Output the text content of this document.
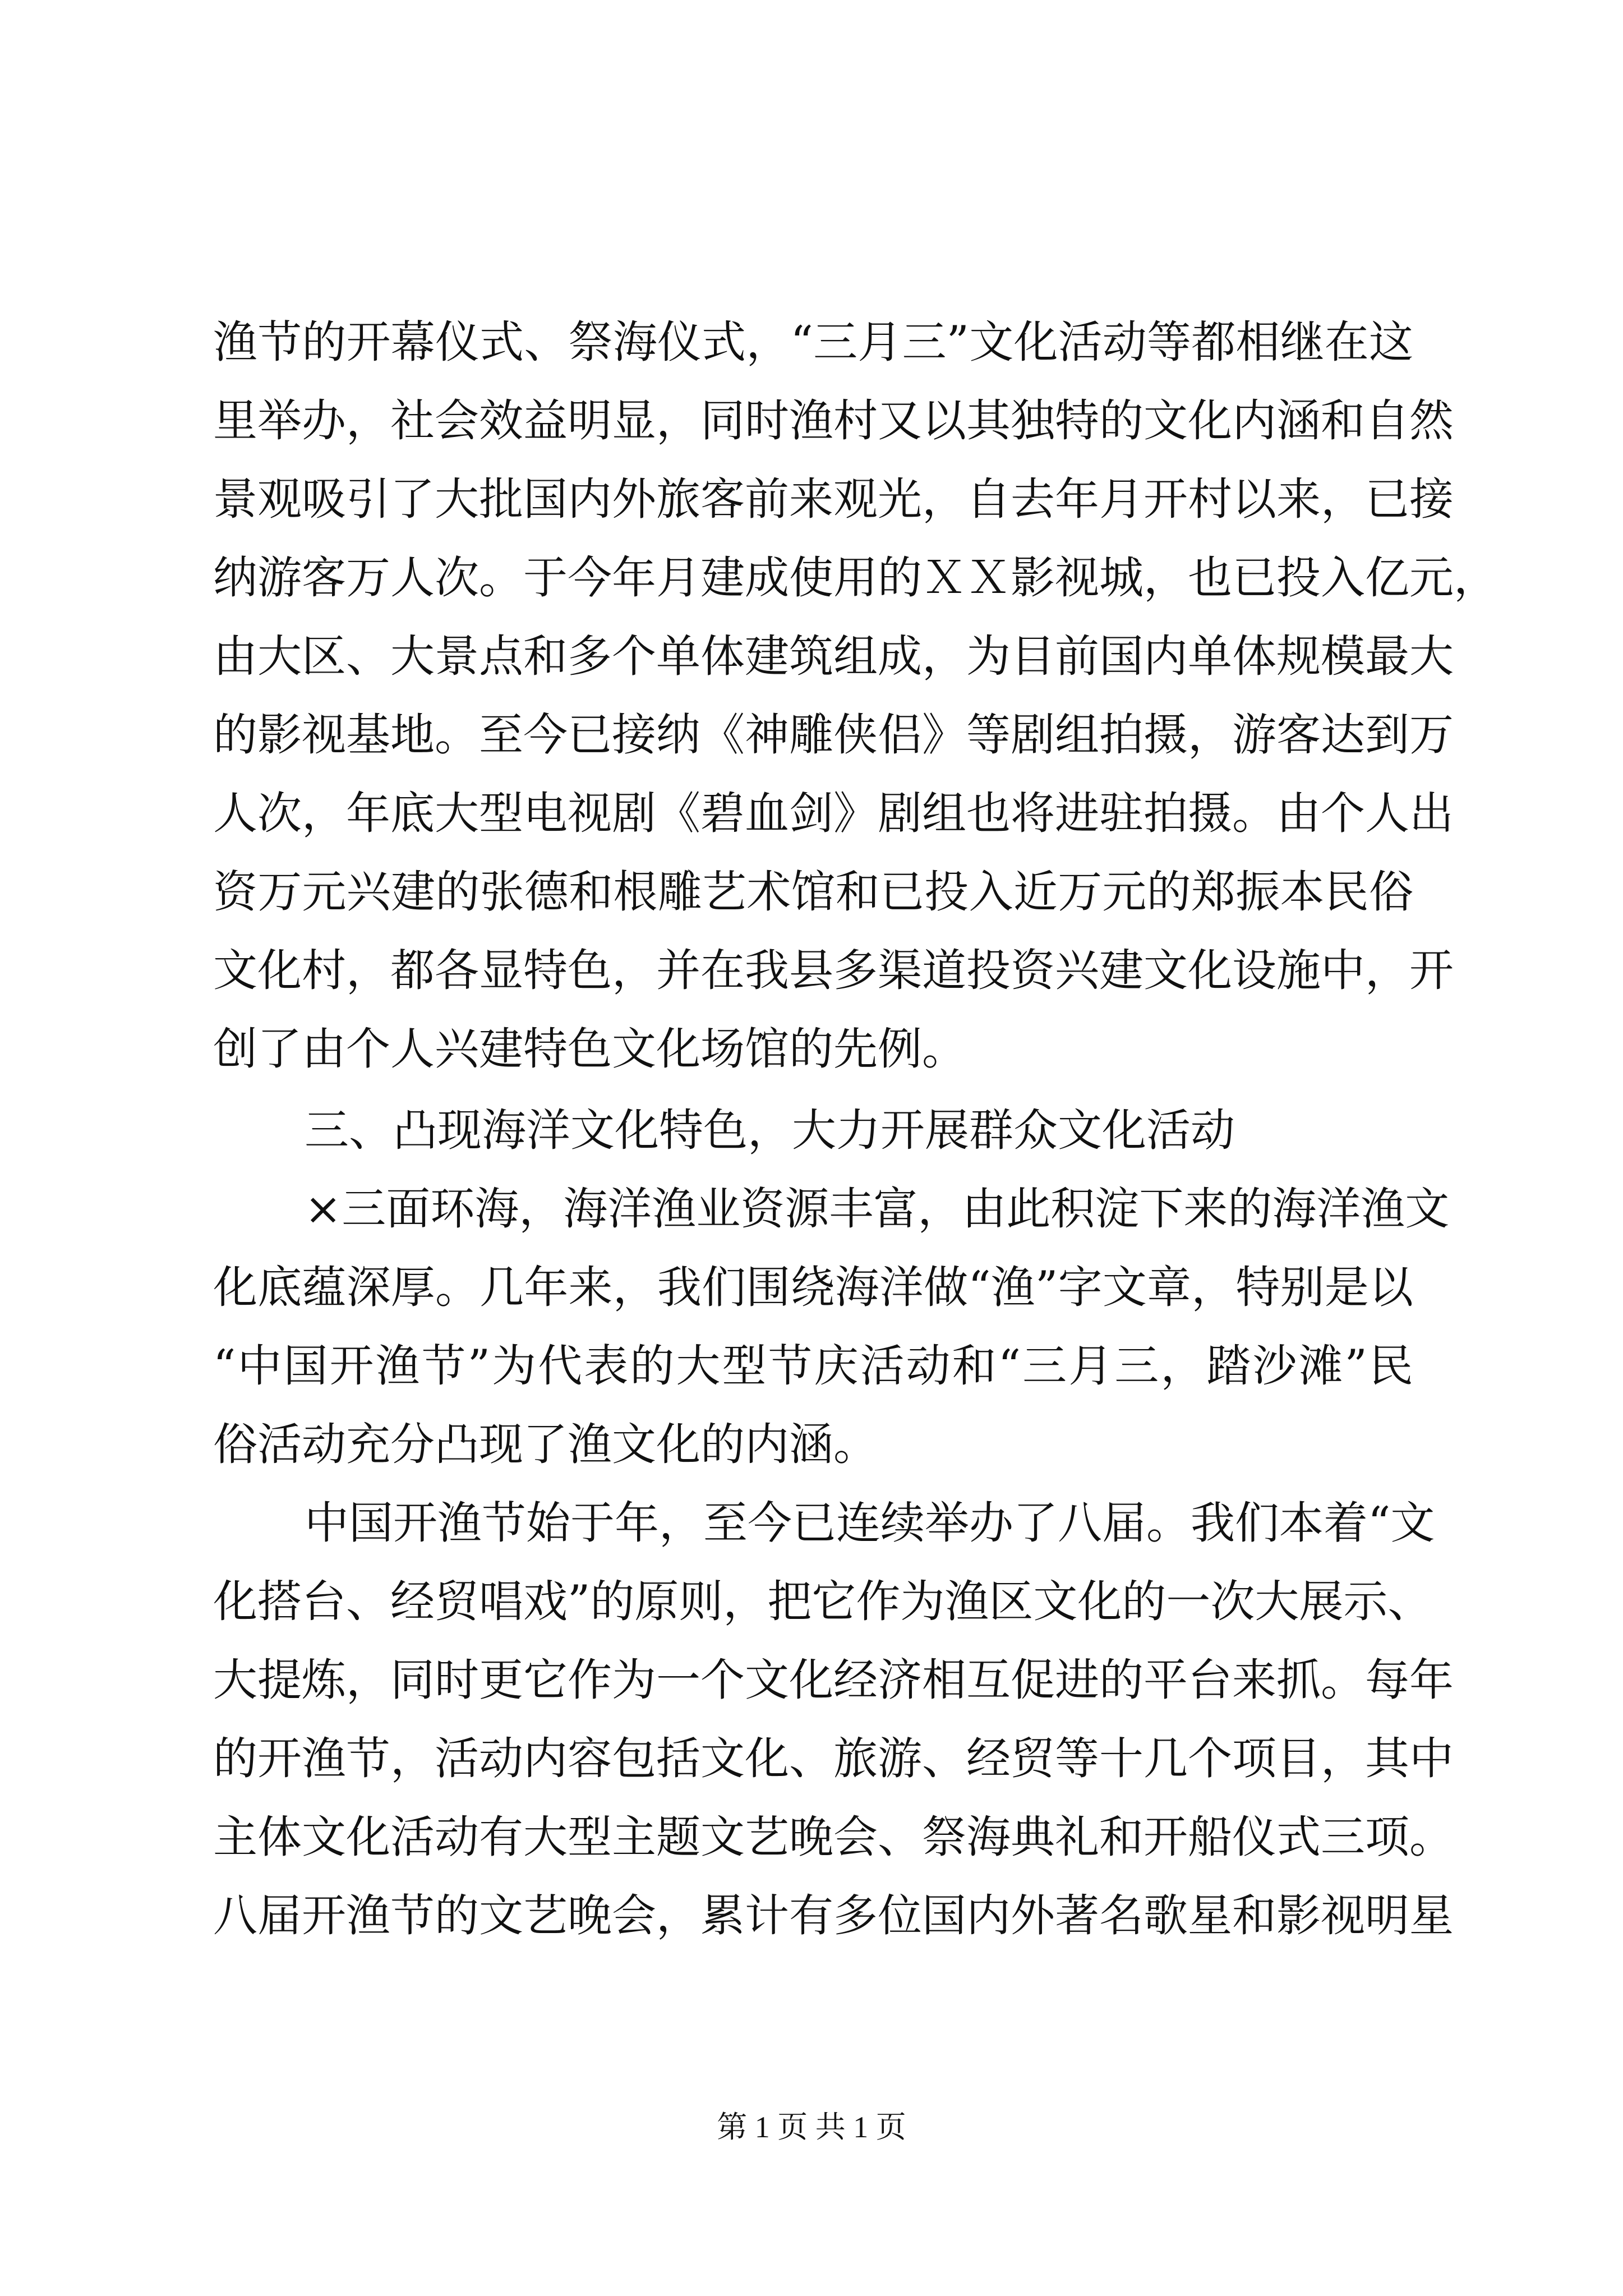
渔节的开幕仪式、祭海仪式，“三月三”文化活动等都相继在这
里举办，社会效益明显，同时渔村又以其独特的文化内涵和自然
景观吸引了大批国内外旅客前来观光，自去年月开村以来，已接
纳游客万人次。于今年月建成使用的ＸＸ影视城，也已投入亿元，
由大区、大景点和多个单体建筑组成，为目前国内单体规模最大
的影视基地。至今已接纳《神雕侠侣》等剧组拍摄，游客达到万
人次，年底大型电视剧《碧血剑》剧组也将进驻拍摄。由个人出
资万元兴建的张德和根雕艺术馆和已投入近万元的郑振本民俗
文化村，都各显特色，并在我县多渠道投资兴建文化设施中，开
创了由个人兴建特色文化场馆的先例。
三、凸现海洋文化特色，大力开展群众文化活动
×三面环海，海洋渔业资源丰富，由此积淀下来的海洋渔文
化底蕴深厚。几年来，我们围绕海洋做“渔”字文章，特别是以
“中国开渔节”为代表的大型节庆活动和“三月三，踏沙滩”民
俗活动充分凸现了渔文化的内涵。
中国开渔节始于年，至今已连续举办了八届。我们本着“文
化搭台、经贸唱戏”的原则，把它作为渔区文化的一次大展示、
大提炼，同时更它作为一个文化经济相互促进的平台来抓。每年
的开渔节，活动内容包括文化、旅游、经贸等十几个项目，其中
主体文化活动有大型主题文艺晚会、祭海典礼和开船仪式三项。
八届开渔节的文艺晚会，累计有多位国内外著名歌星和影视明星
第 1 页 共 1 页
